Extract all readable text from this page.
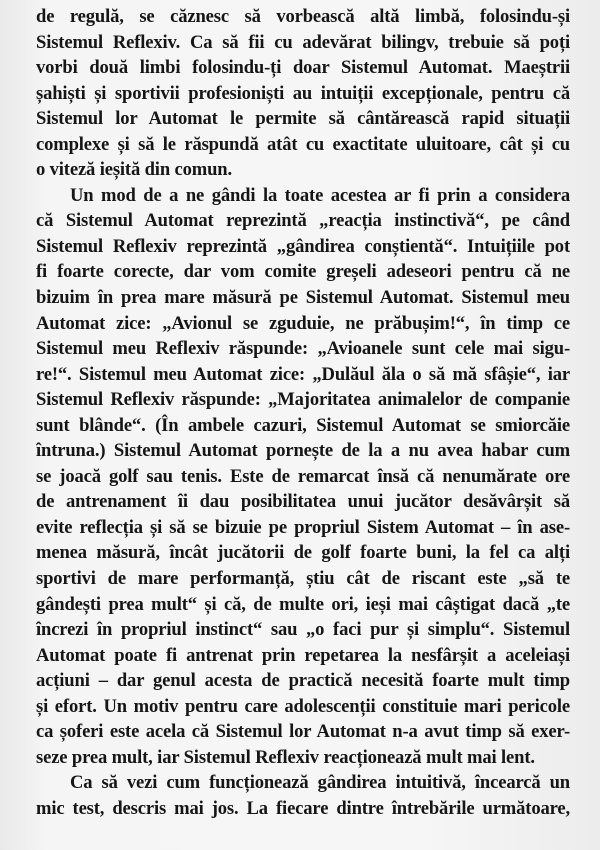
de regulă, se căznesc să vorbească altă limbă, folosindu-și
Sistemul Reflexiv. Ca să fii cu adevărat bilingv, trebuie să poți
vorbi două limbi folosindu-ți doar Sistemul Automat. Maeștrii
șahiști și sportivii profesioniști au intuiții excepționale, pentru că
Sistemul lor Automat le permite să cântărească rapid situații
complexe și să le răspundă atât cu exactitate uluitoare, cât și cu
o viteză ieșită din comun.
Un mod de a ne gândi la toate acestea ar fi prin a considera
că Sistemul Automat reprezintă „reacția instinctivă“, pe când
Sistemul Reflexiv reprezintă „gândirea conștientă“. Intuițiile pot
fi foarte corecte, dar vom comite greșeli adeseori pentru că ne
bizuim în prea mare măsură pe Sistemul Automat. Sistemul meu
Automat zice: „Avionul se zguduie, ne prăbușim!“, în timp ce
Sistemul meu Reflexiv răspunde: „Avioanele sunt cele mai sigu-
re!“. Sistemul meu Automat zice: „Dulăul ăla o să mă sfâșie“, iar
Sistemul Reflexiv răspunde: „Majoritatea animalelor de companie
sunt blânde“. (În ambele cazuri, Sistemul Automat se smiorcăie
întruna.) Sistemul Automat pornește de la a nu avea habar cum
se joacă golf sau tenis. Este de remarcat însă că nenumărate ore
de antrenament îi dau posibilitatea unui jucător desăvârșit să
evite reflecția și să se bizuie pe propriul Sistem Automat – în ase-
menea măsură, încât jucătorii de golf foarte buni, la fel ca alți
sportivi de mare performanță, știu cât de riscant este „să te
gândești prea mult“ și că, de multe ori, ieși mai câștigat dacă „te
încrezi în propriul instinct“ sau „o faci pur și simplu“. Sistemul
Automat poate fi antrenat prin repetarea la nesfârșit a aceleiași
acțiuni – dar genul acesta de practică necesită foarte mult timp
și efort. Un motiv pentru care adolescenții constituie mari pericole
ca șoferi este acela că Sistemul lor Automat n-a avut timp să exer-
seze prea mult, iar Sistemul Reflexiv reacționează mult mai lent.
Ca să vezi cum funcționează gândirea intuitivă, încearcă un
mic test, descris mai jos. La fiecare dintre întrebările următoare,
